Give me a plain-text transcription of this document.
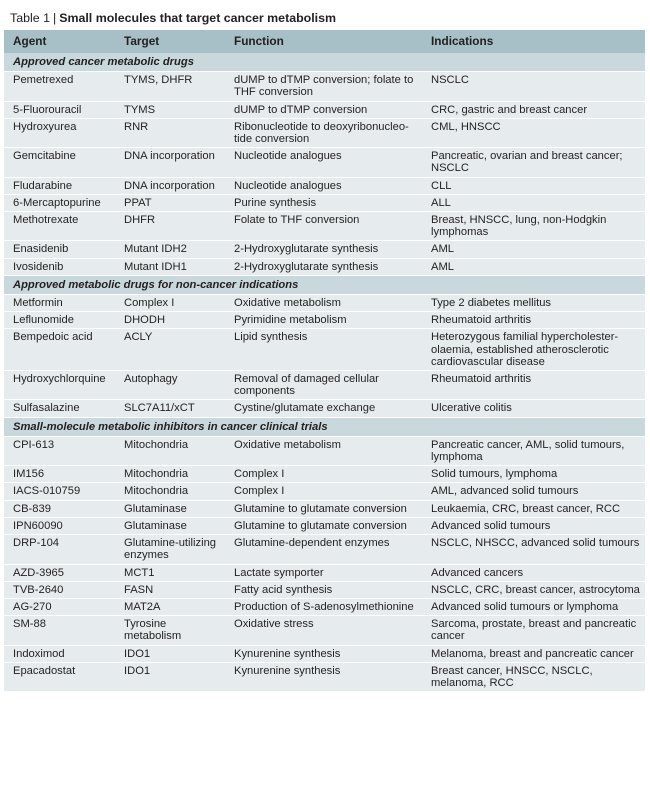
Table 1 | Small molecules that target cancer metabolism
Agent	Target	Function	Indications
Approved cancer metabolic drugs			
Pemetrexed	TYMS, DHFR	dUMP to dTMP conversion; folate to THF conversion	NSCLC
5-Fluorouracil	TYMS	dUMP to dTMP conversion	CRC, gastric and breast cancer
Hydroxyurea	RNR	Ribonucleotide to deoxyribonucleo-tide conversion	CML, HNSCC
Gemcitabine	DNA incorporation	Nucleotide analogues	Pancreatic, ovarian and breast cancer; NSCLC
Fludarabine	DNA incorporation	Nucleotide analogues	CLL
6-Mercaptopurine	PPAT	Purine synthesis	ALL
Methotrexate	DHFR	Folate to THF conversion	Breast, HNSCC, lung, non-Hodgkin lymphomas
Enasidenib	Mutant IDH2	2-Hydroxyglutarate synthesis	AML
Ivosidenib	Mutant IDH1	2-Hydroxyglutarate synthesis	AML
Approved metabolic drugs for non-cancer indications			
Metformin	Complex I	Oxidative metabolism	Type 2 diabetes mellitus
Leflunomide	DHODH	Pyrimidine metabolism	Rheumatoid arthritis
Bempedoic acid	ACLY	Lipid synthesis	Heterozygous familial hypercholester-olaemia, established atherosclerotic cardiovascular disease
Hydroxychlorquine	Autophagy	Removal of damaged cellular components	Rheumatoid arthritis
Sulfasalazine	SLC7A11/xCT	Cystine/glutamate exchange	Ulcerative colitis
Small-molecule metabolic inhibitors in cancer clinical trials			
CPI-613	Mitochondria	Oxidative metabolism	Pancreatic cancer, AML, solid tumours, lymphoma
IM156	Mitochondria	Complex I	Solid tumours, lymphoma
IACS-010759	Mitochondria	Complex I	AML, advanced solid tumours
CB-839	Glutaminase	Glutamine to glutamate conversion	Leukaemia, CRC, breast cancer, RCC
IPN60090	Glutaminase	Glutamine to glutamate conversion	Advanced solid tumours
DRP-104	Glutamine-utilizing enzymes	Glutamine-dependent enzymes	NSCLC, NHSCC, advanced solid tumours
AZD-3965	MCT1	Lactate symporter	Advanced cancers
TVB-2640	FASN	Fatty acid synthesis	NSCLC, CRC, breast cancer, astrocytoma
AG-270	MAT2A	Production of S-adenosylmethionine	Advanced solid tumours or lymphoma
SM-88	Tyrosine metabolism	Oxidative stress	Sarcoma, prostate, breast and pancreatic cancer
Indoximod	IDO1	Kynurenine synthesis	Melanoma, breast and pancreatic cancer
Epacadostat	IDO1	Kynurenine synthesis	Breast cancer, HNSCC, NSCLC, melanoma, RCC
